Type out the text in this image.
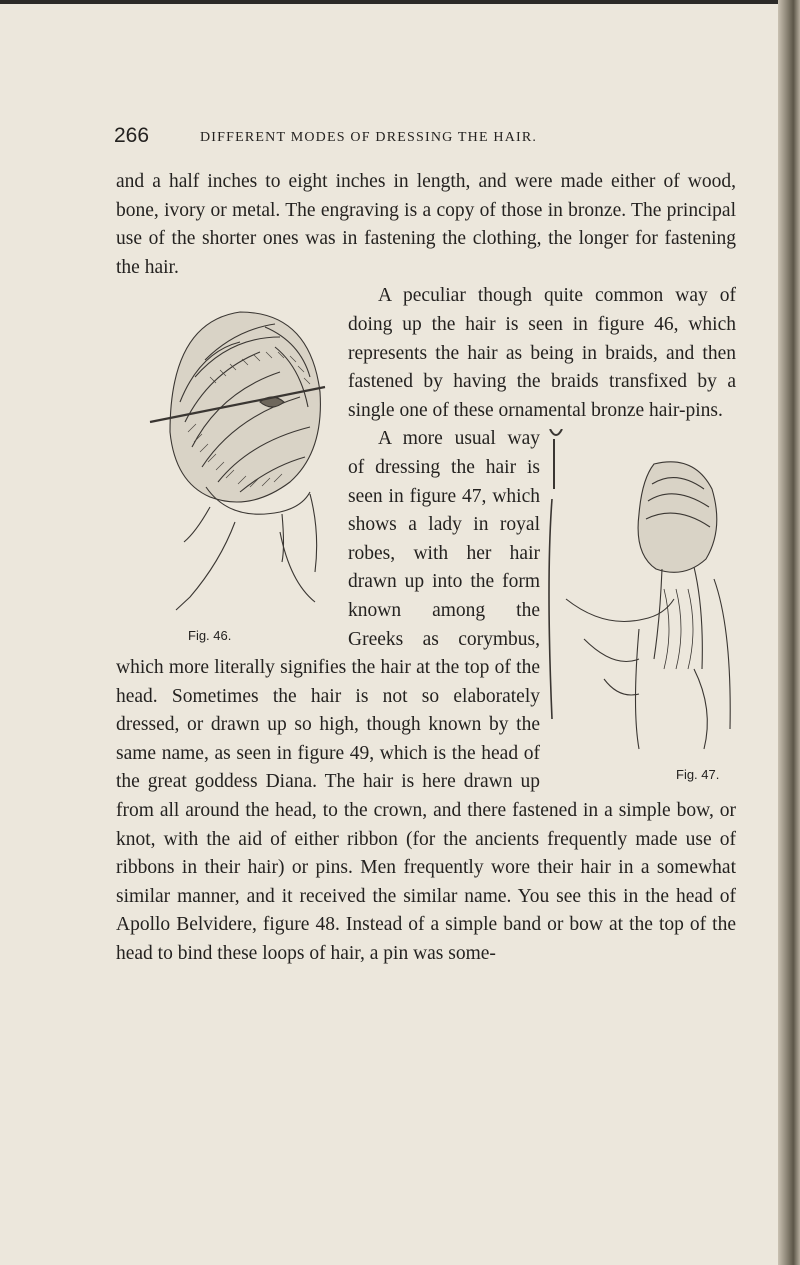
266	DIFFERENT MODES OF DRESSING THE HAIR.

and a half inches to eight inches in length, and were made either of wood, bone, ivory or metal. The engraving is a copy of those in bronze. The principal use of the shorter ones was in fastening the clothing, the longer for fastening the hair.

Fig. 46.

A peculiar though quite common way of doing up the hair is seen in figure 46, which represents the hair as being in braids, and then fastened by having the braids transfixed by a single one of these ornamental bronze hair-pins.

Fig. 47.

A more usual way of dressing the hair is seen in figure 47, which shows a lady in royal robes, with her hair drawn up into the form known among the Greeks as corymbus, which more literally signifies the hair at the top of the head. Sometimes the hair is not so elaborately dressed, or drawn up so high, though known by the same name, as seen in figure 49, which is the head of the great goddess Diana. The hair is here drawn up from all around the head, to the crown, and there fastened in a simple bow, or knot, with the aid of either ribbon (for the ancients frequently made use of ribbons in their hair) or pins. Men frequently wore their hair in a somewhat similar manner, and it received the similar name. You see this in the head of Apollo Belvidere, figure 48. Instead of a simple band or bow at the top of the head to bind these loops of hair, a pin was some-
